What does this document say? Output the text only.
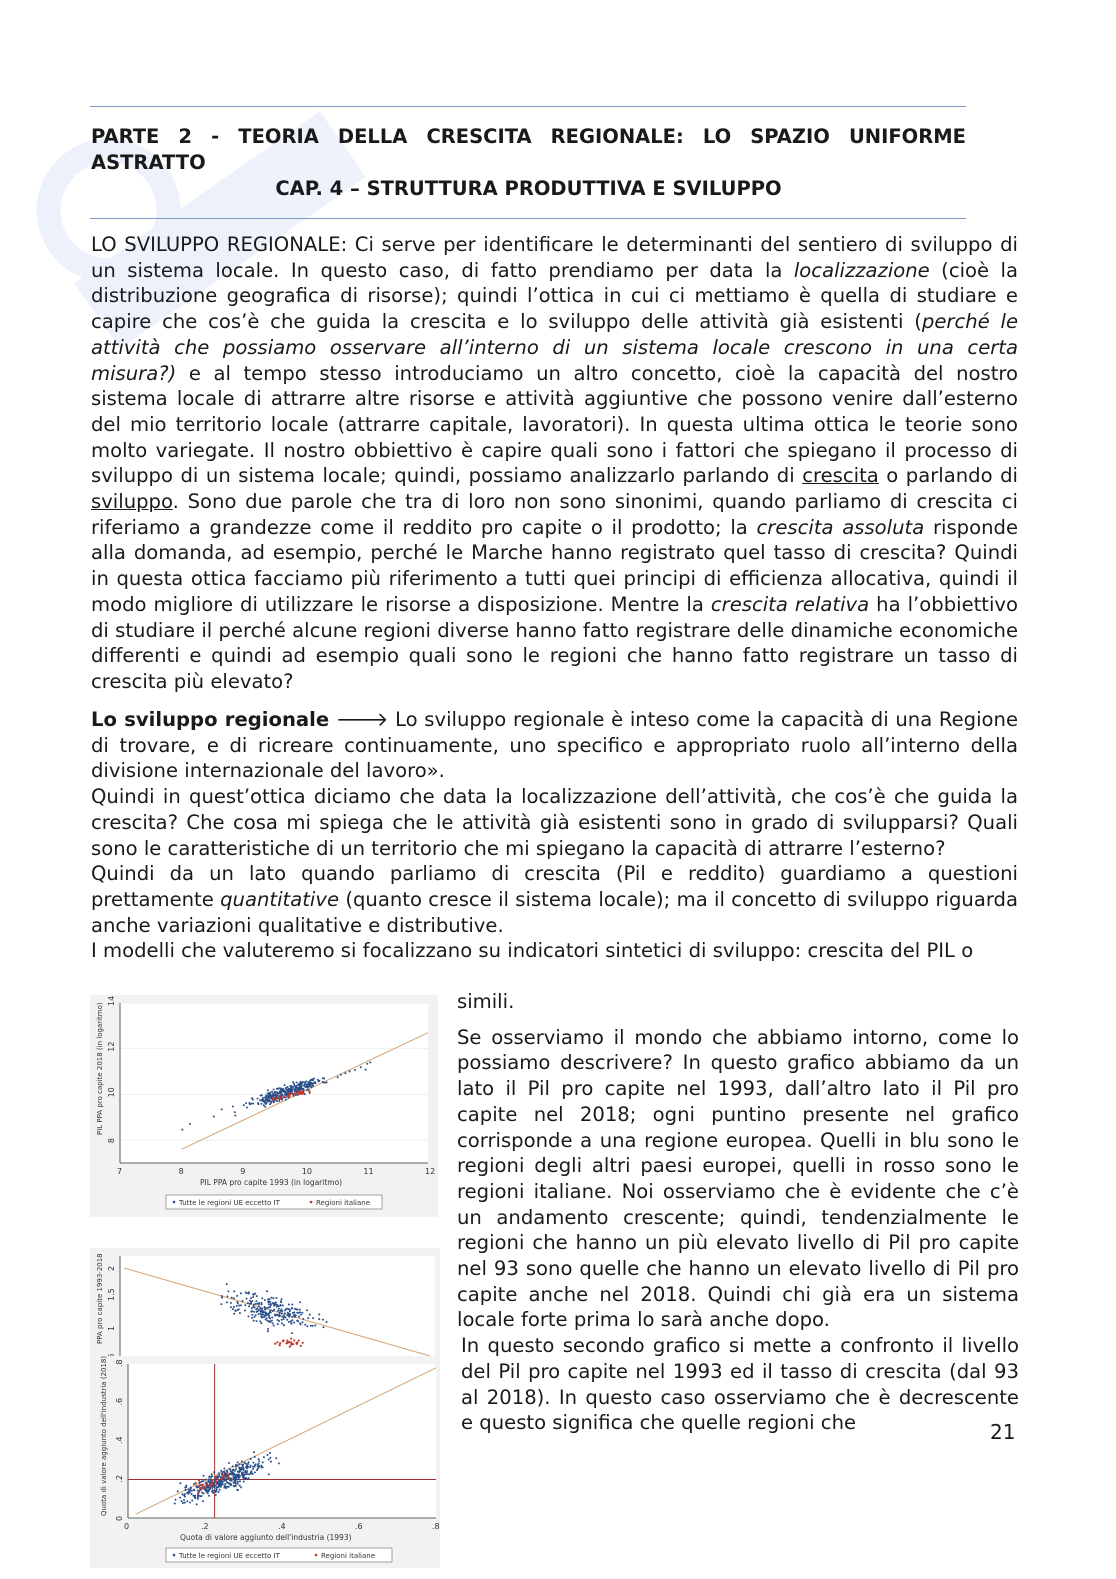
PARTE 2 - TEORIA DELLA CRESCITA REGIONALE: LO SPAZIO UNIFORME
ASTRATTO
CAP. 4 – STRUTTURA PRODUTTIVA E SVILUPPO

LO SVILUPPO REGIONALE: Ci serve per identificare le determinanti del sentiero di sviluppo di un sistema locale. In questo caso, di fatto prendiamo per data la localizzazione (cioè la distribuzione geografica di risorse); quindi l’ottica in cui ci mettiamo è quella di studiare e capire che cos’è che guida la crescita e lo sviluppo delle attività già esistenti (perché le attività che possiamo osservare all’interno di un sistema locale crescono in una certa misura?) e al tempo stesso introduciamo un altro concetto, cioè la capacità del nostro sistema locale di attrarre altre risorse e attività aggiuntive che possono venire dall’esterno del mio territorio locale (attrarre capitale, lavoratori). In questa ultima ottica le teorie sono molto variegate. Il nostro obbiettivo è capire quali sono i fattori che spiegano il processo di sviluppo di un sistema locale; quindi, possiamo analizzarlo parlando di crescita o parlando di sviluppo. Sono due parole che tra di loro non sono sinonimi, quando parliamo di crescita ci riferiamo a grandezze come il reddito pro capite o il prodotto; la crescita assoluta risponde alla domanda, ad esempio, perché le Marche hanno registrato quel tasso di crescita? Quindi in questa ottica facciamo più riferimento a tutti quei principi di efficienza allocativa, quindi il modo migliore di utilizzare le risorse a disposizione. Mentre la crescita relativa ha l’obbiettivo di studiare il perché alcune regioni diverse hanno fatto registrare delle dinamiche economiche differenti e quindi ad esempio quali sono le regioni che hanno fatto registrare un tasso di crescita più elevato?

Lo sviluppo regionale 🡒 Lo sviluppo regionale è inteso come la capacità di una Regione di trovare, e di ricreare continuamente, uno specifico e appropriato ruolo all’interno della divisione internazionale del lavoro».

Quindi in quest’ottica diciamo che data la localizzazione dell’attività, che cos’è che guida la crescita? Che cosa mi spiega che le attività già esistenti sono in grado di svilupparsi? Quali sono le caratteristiche di un territorio che mi spiegano la capacità di attrarre l’esterno?

Quindi da un lato quando parliamo di crescita (Pil e reddito) guardiamo a questioni prettamente quantitative (quanto cresce il sistema locale); ma il concetto di sviluppo riguarda anche variazioni qualitative e distributive.

I modelli che valuteremo si focalizzano su indicatori sintetici di sviluppo: crescita del PIL o

simili.

Se osserviamo il mondo che abbiamo intorno, come lo possiamo descrivere? In questo grafico abbiamo da un lato il Pil pro capite nel 1993, dall’altro lato il Pil pro capite nel 2018; ogni puntino presente nel grafico corrisponde a una regione europea. Quelli in blu sono le regioni degli altri paesi europei, quelli in rosso sono le regioni italiane. Noi osserviamo che è evidente che c’è un andamento crescente; quindi, tendenzialmente le regioni che hanno un più elevato livello di Pil pro capite nel 93 sono quelle che hanno un elevato livello di Pil pro capite anche nel 2018. Quindi chi già era un sistema locale forte prima lo sarà anche dopo.

In questo secondo grafico si mette a confronto il livello del Pil pro capite nel 1993 ed il tasso di crescita (dal 93 al 2018). In questo caso osserviamo che è decrescente e questo significa che quelle regioni che

7	8	9	10	11	12
8
10
12
14
PIL PPA pro capite 1993 (in logaritmo)
PIL PPA pro capite 2018 (in logaritmo)
Tutte le regioni UE eccetto IT	Regioni italiane
1
1.5
2
PPA pro capite 1993-2018
0	.2	.4	.6	.8
0
.2
.4
.6
.8
Quota di valore aggiunto dell'industria (1993)
Quota di valore aggiunto dell'industria (2018)
Tutte le regioni UE eccetto IT	Regioni italiane
21
